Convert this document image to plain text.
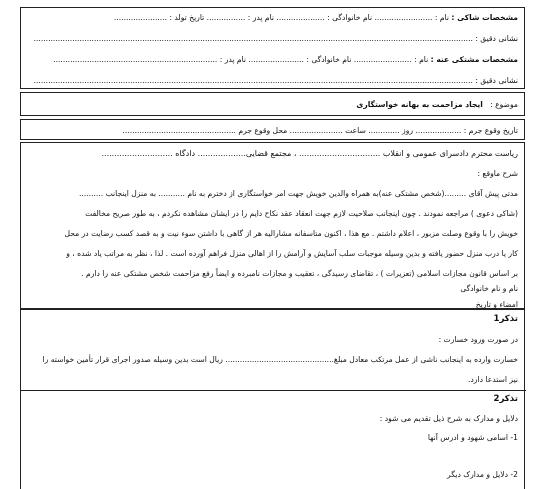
مشخصات شاکی : نام : ........................ نام خانوادگی : .................... نام پدر : ................ تاریخ تولد : ......................
نشانی دقیق : ......................................................................................................................................................................................
مشخصات مشتکی عنه : نام : ........................ نام خانوادگی : ....................... نام پدر : ....................................................................
نشانی دقیق : ......................................................................................................................................................................................
موضوع :   ایجاد مزاحمت به بهانه خواستگاری
تاریخ وقوع جرم : ................... روز ............. ساعت ...................... محل وقوع جرم ...............................................
ریاست محترم دادسرای عمومی و انقلاب ................................ ، مجتمع قضایی................... دادگاه ............................
شرح ماوقع :
مدتی پیش آقای .........(شخص مشتکی عنه)به همراه والدین خویش جهت امر خواستگاری از دخترم به نام ........... به منزل اینجانب ..........
(شاکی دعوی ) مراجعه نمودند . چون اینجانب صلاحیت لازم جهت انعقاد عقد نکاح دایم را در ایشان مشاهده نکردم ، به طور صریح مخالفت
خویش را با وقوع وصلت مزبور ، اعلام داشتم . مع هذا ، اکنون متاسفانه مشارالیه هر از گاهی با داشتن سوء نیت و به قصد کسب رضایت در محل
کار یا درب منزل حضور یافته و بدین وسیله موجبات سلب آسایش و آرامش را از اهالی منزل فراهم آورده است . لذا ، نظر به مراتب یاد شده ، و
بر اساس قانون مجازات اسلامی (تعزیرات ) ، تقاضای رسیدگی ، تعقیب و مجازات نامبرده و ایضاً رفع مزاحمت شخص مشتکی عنه را دارم .
نام و نام خانوادگی
امضاء و تاریخ
تذکر1
در صورت ورود خسارت :
خسارت وارده به اینجانب ناشی از عمل مرتکب معادل مبلغ............................................. ریال است بدین وسیله صدور اجرای قرار تأمین خواسته را
نیز استدعا دارد.
تذکر2
دلایل و مدارک به شرح ذیل تقدیم می شود :
1- اسامی شهود و ادرس آنها
2- دلایل و مدارک دیگر
